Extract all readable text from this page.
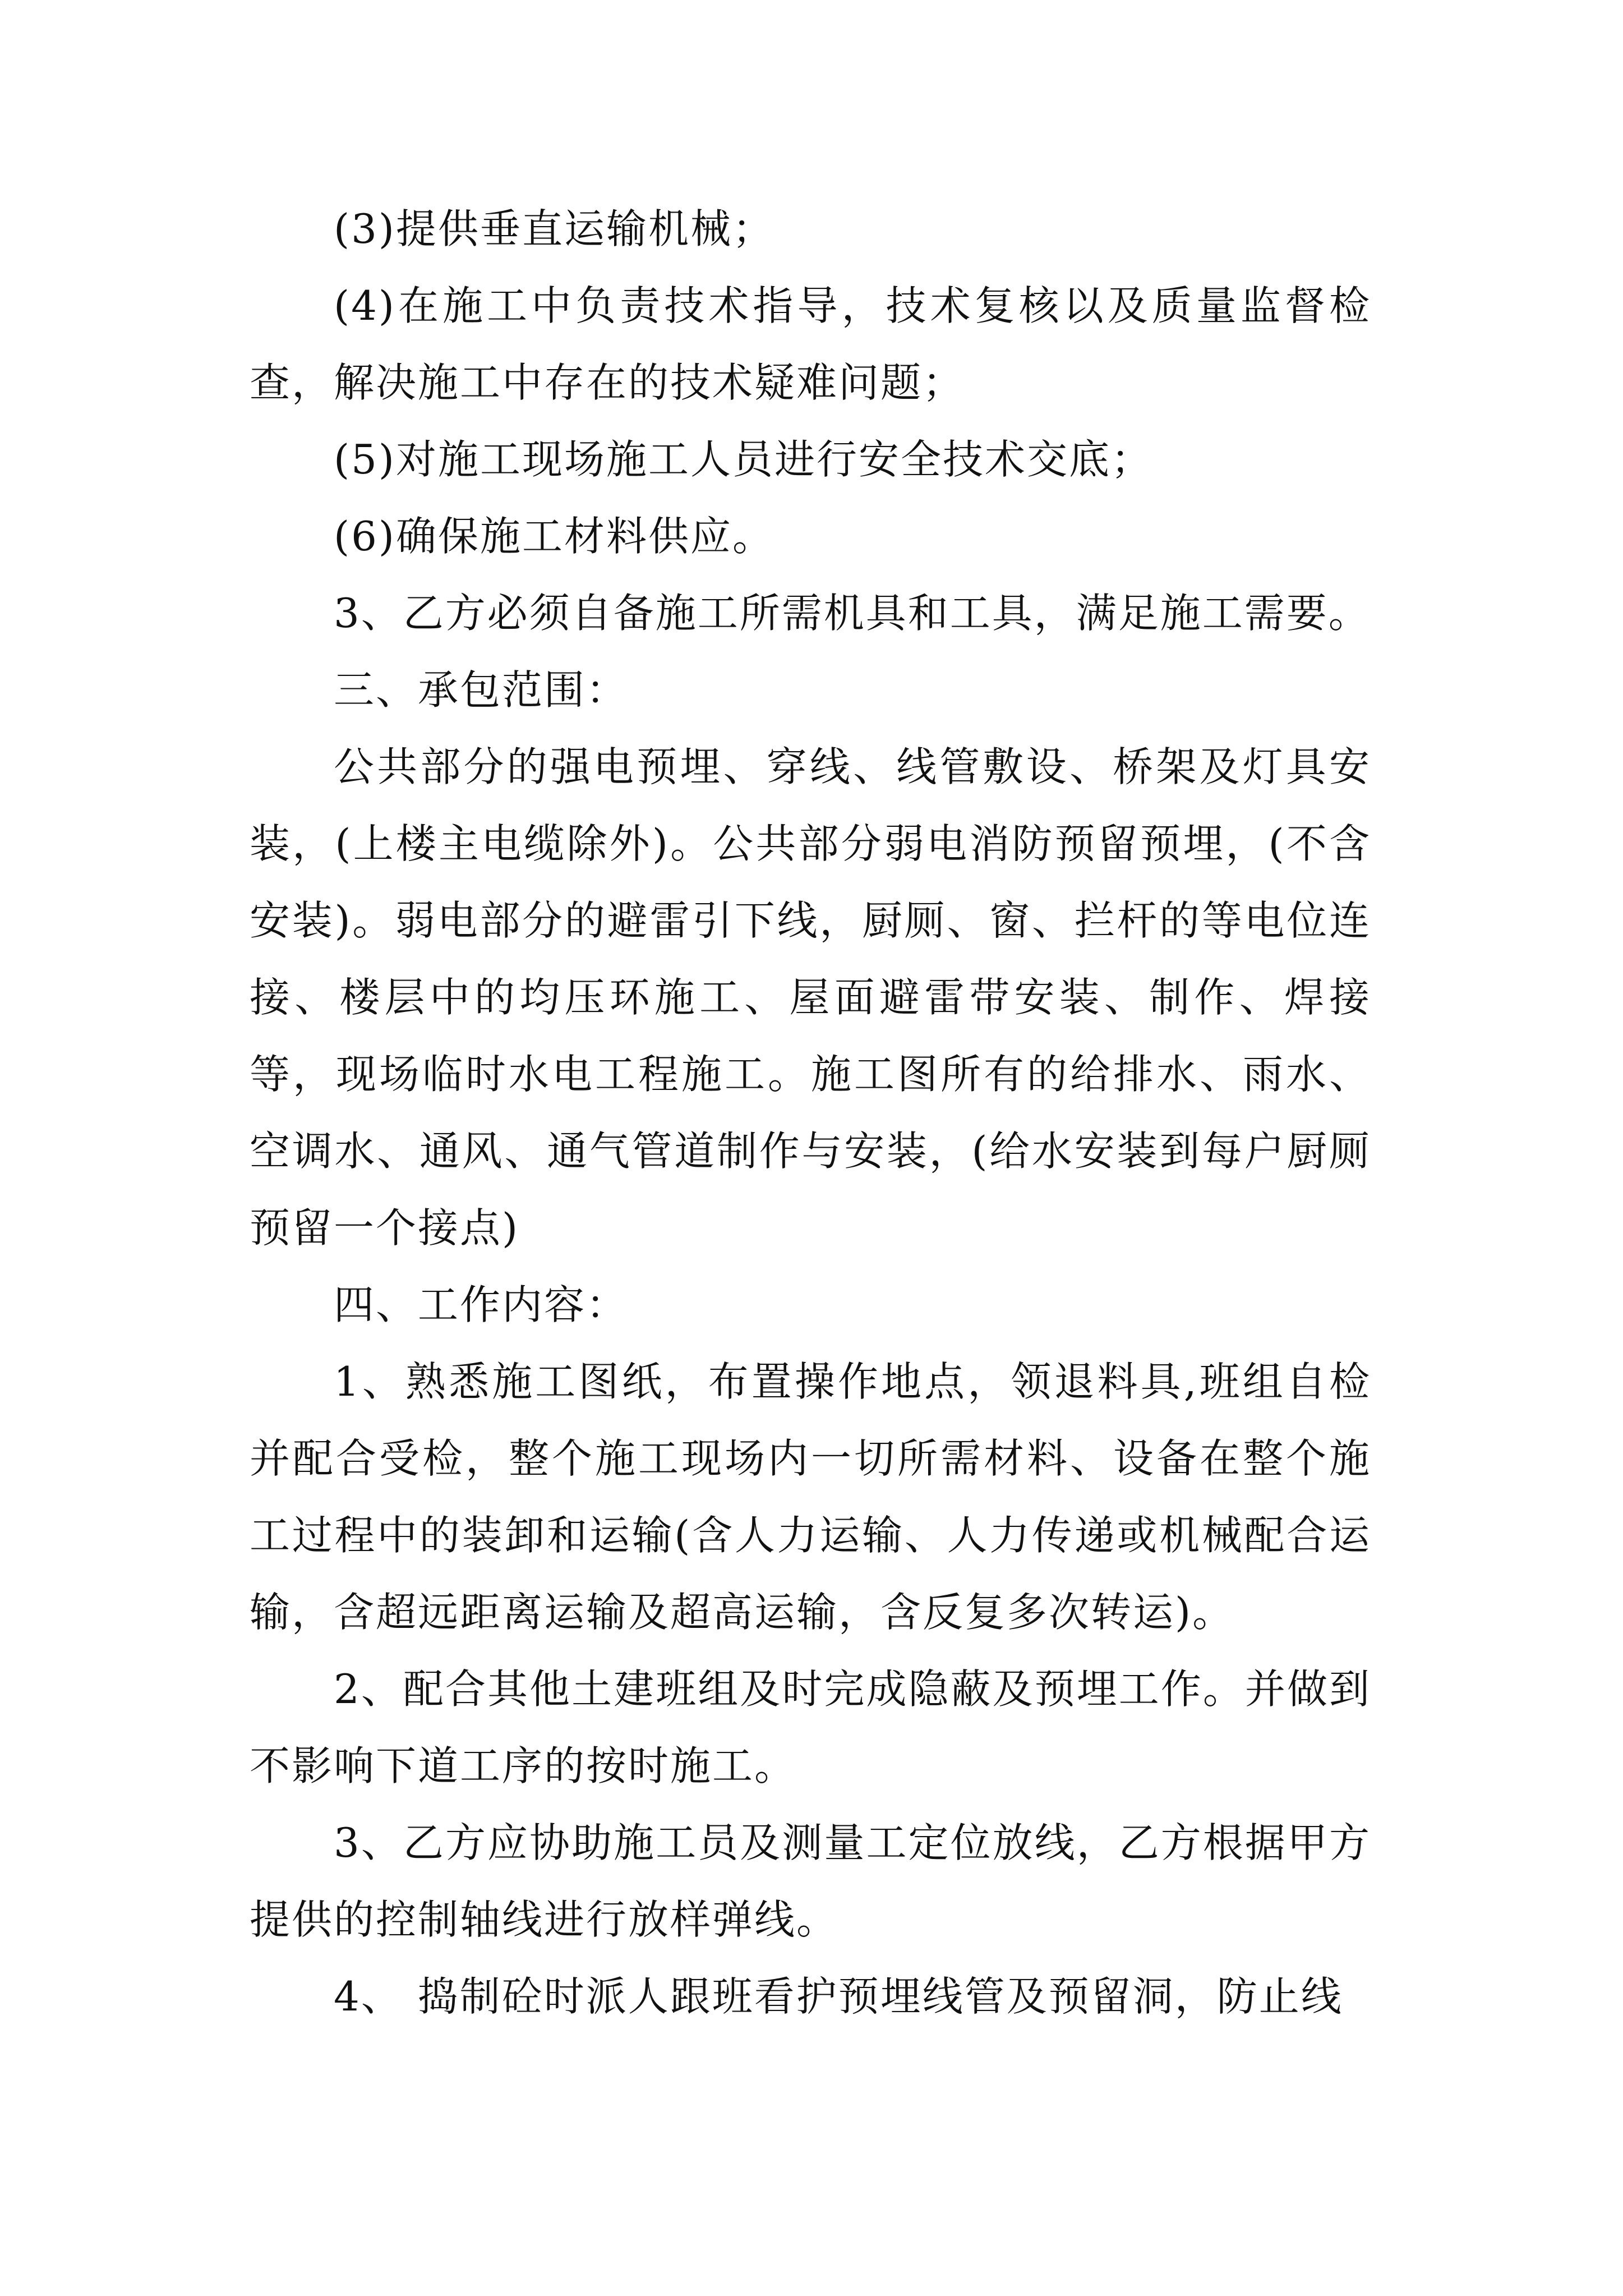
(3)提供垂直运输机械；

(4)在施工中负责技术指导，技术复核以及质量监督检查，解决施工中存在的技术疑难问题；

(5)对施工现场施工人员进行安全技术交底；

(6)确保施工材料供应。

3、乙方必须自备施工所需机具和工具，满足施工需要。

三、承包范围：

公共部分的强电预埋、穿线、线管敷设、桥架及灯具安装，(上楼主电缆除外)。公共部分弱电消防预留预埋，(不含安装)。弱电部分的避雷引下线，厨厕、窗、拦杆的等电位连接、楼层中的均压环施工、屋面避雷带安装、制作、焊接等，现场临时水电工程施工。施工图所有的给排水、雨水、空调水、通风、通气管道制作与安装，(给水安装到每户厨厕预留一个接点)

四、工作内容：

1、熟悉施工图纸，布置操作地点，领退料具,班组自检并配合受检，整个施工现场内一切所需材料、设备在整个施工过程中的装卸和运输(含人力运输、人力传递或机械配合运输，含超远距离运输及超高运输，含反复多次转运)。

2、配合其他土建班组及时完成隐蔽及预埋工作。并做到不影响下道工序的按时施工。

3、乙方应协助施工员及测量工定位放线，乙方根据甲方提供的控制轴线进行放样弹线。

4、 捣制砼时派人跟班看护预埋线管及预留洞，防止线
